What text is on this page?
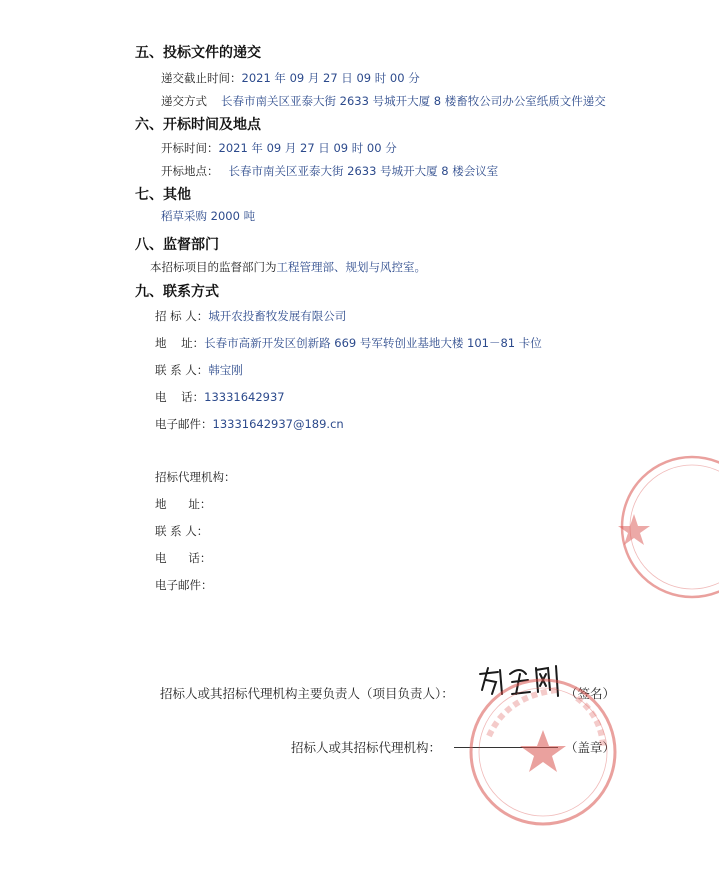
五、投标文件的递交
递交截止时间：2021 年 09 月 27 日 09 时 00 分
递交方式 长春市南关区亚泰大街 2633 号城开大厦 8 楼畜牧公司办公室纸质文件递交
六、开标时间及地点
开标时间：2021 年 09 月 27 日 09 时 00 分
开标地点： 长春市南关区亚泰大街 2633 号城开大厦 8 楼会议室
七、其他
稻草采购 2000 吨
八、监督部门
本招标项目的监督部门为工程管理部、规划与风控室。
九、联系方式
招 标 人：城开农投畜牧发展有限公司
地    址：长春市高新开发区创新路 669 号军转创业基地大楼 101－81 卡位
联 系 人：韩宝刚
电    话：13331642937
电子邮件：13331642937@189.cn
招标代理机构：
地      址：
联 系 人：
电      话：
电子邮件：
招标人或其招标代理机构主要负责人（项目负责人）：	（签名）
招标人或其招标代理机构：	（盖章）
